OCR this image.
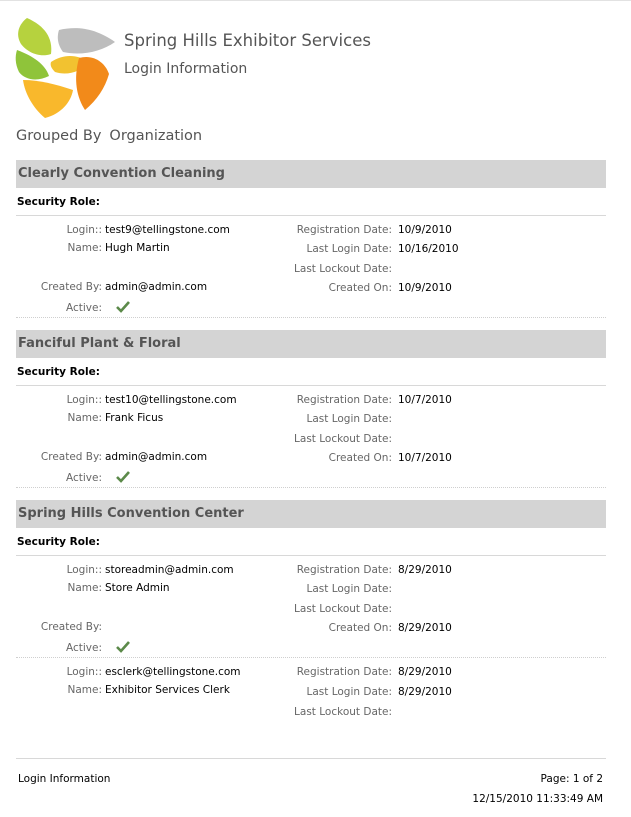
Spring Hills Exhibitor Services
Login Information
Grouped By Organization
Clearly Convention Cleaning
Security Role:
Login:: test9@tellingstone.com
Name: Hugh Martin
Created By: admin@admin.com
Active:
Registration Date: 10/9/2010
Last Login Date: 10/16/2010
Last Lockout Date:
Created On: 10/9/2010
Fanciful Plant & Floral
Security Role:
Login:: test10@tellingstone.com
Name: Frank Ficus
Created By: admin@admin.com
Active:
Registration Date: 10/7/2010
Last Login Date:
Last Lockout Date:
Created On: 10/7/2010
Spring Hills Convention Center
Security Role:
Login:: storeadmin@admin.com
Name: Store Admin
Created By:
Active:
Registration Date: 8/29/2010
Last Login Date:
Last Lockout Date:
Created On: 8/29/2010
Login:: esclerk@tellingstone.com
Name: Exhibitor Services Clerk
Registration Date: 8/29/2010
Last Login Date: 8/29/2010
Last Lockout Date:
Login Information	Page: 1 of 2
12/15/2010 11:33:49 AM
